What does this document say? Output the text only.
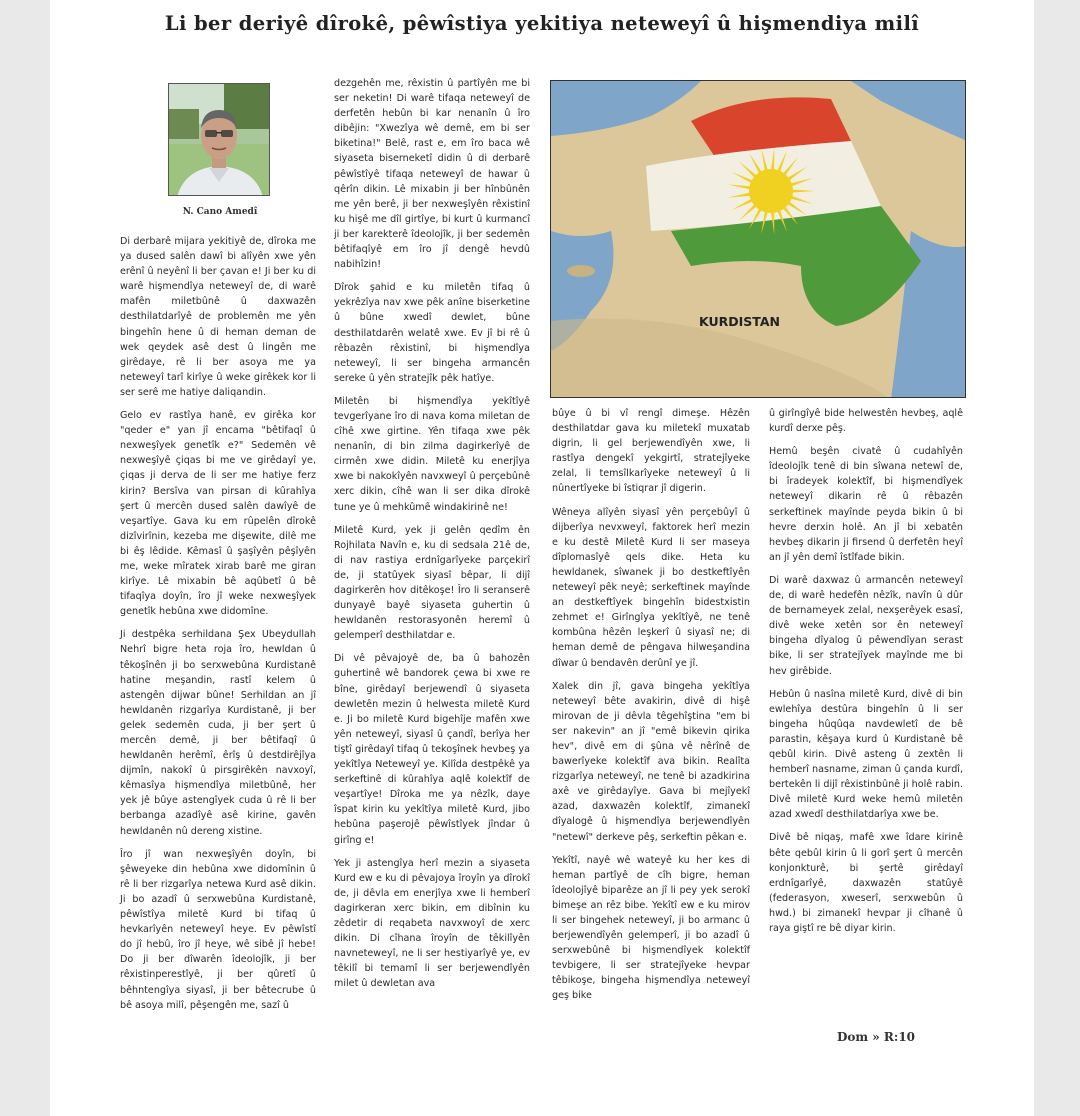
Li ber deriyê dîrokê, pêwîstiya yekitiya neteweyî û hişmendiya milî
N. Cano Amedî

Di derbarê mijara yekitiyê de, dîroka me ya dused salên dawî bi alîyên xwe yên erênî û neyênî li ber çavan e! Ji ber ku di warê hişmendîya neteweyî de, di warê mafên miletbûnê û daxwazên desthilatdarîyê de problemên me yên bingehîn hene û di heman deman de wek qeydek asê dest û lingên me girêdaye, rê li ber asoya me ya neteweyî tarî kirîye û weke girêkek kor li ser serê me hatiye daliqandin.

Gelo ev rastîya hanê, ev girêka kor "qeder e" yan jî encama "bêtifaqî û nexweşîyek genetîk e?" Sedemên vê nexweşîyê çiqas bi me ve girêdayî ye, çiqas ji derva de li ser me hatiye ferz kirin? Bersîva van pirsan di kûrahîya şert û mercên dused salên dawîyê de veşartîye. Gava ku em rûpelên dîrokê dizîvirînin, kezeba me dişewite, dilê me bi êş lêdide. Kêmasî û şaşîyên pêşîyên me, weke mîratek xirab barê me giran kirîye. Lê mixabin bê aqûbetî û bê tifaqîya doyîn, îro jî weke nexweşîyek genetîk hebûna xwe didomîne.

Ji destpêka serhildana Şex Ubeydullah Nehrî bigre heta roja îro, hewldan û têkoşînên ji bo serxwebûna Kurdistanê hatine meşandin, rastî kelem û astengên dijwar bûne! Serhildan an jî hewldanên rizgarîya Kurdistanê, ji ber gelek sedemên cuda, ji ber şert û mercên demê, ji ber bêtifaqî û hewldanên herêmî, êrîş û destdirêjîya dijmîn, nakokî û pirsgirêkên navxoyî, kêmasîya hişmendîya miletbûnê, her yek jê bûye astengîyek cuda û rê li ber berbanga azadîyê asê kirine, gavên hewldanên nû dereng xistine.

Îro jî wan nexweşîyên doyîn, bi şêweyeke din hebûna xwe didomînin û rê li ber rizgarîya netewa Kurd asê dikin. Ji bo azadî û serxwebûna Kurdistanê, pêwîstîya miletê Kurd bi tifaq û hevkarîyên neteweyî heye. Ev pêwîstî do jî hebû, îro jî heye, wê sibê jî hebe! Do ji ber dîwarên îdeolojîk, ji ber rêxistinperestîyê, ji ber qûretî û bêhntengîya siyasî, ji ber bêtecrube û bê asoya milî, pêşengên me, sazî û

dezgehên me, rêxistin û partîyên me bi ser neketin! Di warê tifaqa neteweyî de derfetên hebûn bi kar nenanîn û îro dibêjin: "Xwezîya wê demê, em bi ser biketina!" Belê, rast e, em îro baca wê siyaseta biserneketî didin û di derbarê pêwîstîyê tifaqa neteweyî de hawar û qêrîn dikin. Lê mixabin ji ber hînbûnên me yên berê, ji ber nexweşîyên rêxistinî ku hişê me dîl girtîye, bi kurt û kurmancî ji ber karekterê îdeolojîk, ji ber sedemên bêtifaqîyê em îro jî dengê hevdû nabihîzin!

Dîrok şahid e ku miletên tifaq û yekrêzîya nav xwe pêk anîne biserketine û bûne xwedî dewlet, bûne desthilatdarên welatê xwe. Ev jî bi rê û rêbazên rêxistinî, bi hişmendîya neteweyî, li ser bingeha armancên sereke û yên stratejîk pêk hatîye.

Miletên bi hişmendîya yekîtîyê tevgerîyane îro di nava koma miletan de cîhê xwe girtine. Yên tifaqa xwe pêk nenanîn, di bin zilma dagirkerîyê de cirmên xwe didin. Miletê ku enerjîya xwe bi nakokîyên navxweyî û perçebûnê xerc dikin, cîhê wan li ser dika dîrokê tune ye û mehkûmê windakirinê ne!

Miletê Kurd, yek ji gelên qedîm ên Rojhilata Navîn e, ku di sedsala 21ê de, di nav rastiya erdnîgarîyeke parçekirî de, ji statûyek siyasî bêpar, li dijî dagirkerên hov ditêkoşe! Îro li seranserê dunyayê bayê siyaseta guhertin û hewldanên restorasyonên heremî û gelemperî desthilatdar e.

Di vê pêvajoyê de, ba û bahozên guhertinê wê bandorek çewa bi xwe re bîne, girêdayî berjewendî û siyaseta dewletên mezin û helwesta miletê Kurd e. Ji bo miletê Kurd bigehîje mafên xwe yên neteweyî, siyasî û çandî, berîya her tiştî girêdayî tifaq û tekoşînek hevbeş ya yekîtîya Neteweyî ye. Kilîda destpêkê ya serkeftinê di kûrahîya aqlê kolektîf de veşartîye! Dîroka me ya nêzîk, daye îspat kirin ku yekîtîya miletê Kurd, jibo hebûna paşerojê pêwîstîyek jîndar û girîng e!

Yek ji astengîya herî mezin a siyaseta Kurd ew e ku di pêvajoya îroyîn ya dîrokî de, ji dêvla em enerjîya xwe li hemberî dagirkeran xerc bikin, em dibînin ku zêdetir di reqabeta navxwoyî de xerc dikin. Di cîhana îroyîn de têkilîyên navneteweyî, ne li ser hestiyarîyê ye, ev têkilî bi temamî li ser berjewendîyên milet û dewletan ava

KURDISTAN

bûye û bi vî rengî dimeşe. Hêzên desthilatdar gava ku miletekî muxatab digrin, li gel berjewendîyên xwe, li rastîya dengekî yekgirtî, stratejîyeke zelal, li temsîlkarîyeke neteweyî û li nûnertîyeke bi îstiqrar jî digerin.

Wêneya alîyên siyasî yên perçebûyî û dijberîya nevxweyî, faktorek herî mezin e ku destê Miletê Kurd li ser maseya dîplomasîyê qels dike. Heta ku hewldanek, sîwanek ji bo destkeftîyên neteweyî pêk neyê; serkeftinek mayînde an destkeftîyek bingehîn bidestxistin zehmet e! Girîngîya yekîtîyê, ne tenê kombûna hêzên leşkerî û siyasî ne; di heman demê de pêngava hilweşandina dîwar û bendavên derûnî ye jî.

Xalek din jî, gava bingeha yekîtîya neteweyî bête avakirin, divê di hişê mirovan de ji dêvla têgehîştina "em bi ser nakevin" an jî "emê bikevin qirika hev", divê em di şûna vê nêrînê de bawerîyeke kolektîf ava bikin. Realîta rizgarîya neteweyî, ne tenê bi azadkirina axê ve girêdayîye. Gava bi mejîyekî azad, daxwazên kolektîf, zimanekî dîyalogê û hişmendîya berjewendîyên "netewî" derkeve pêş, serkeftin pêkan e.

Yekîtî, nayê wê wateyê ku her kes di heman partîyê de cîh bigre, heman îdeolojîyê biparêze an jî li pey yek serokî bimeşe an rêz bibe. Yekîtî ew e ku mirov li ser bingehek neteweyî, ji bo armanc û berjewendîyên gelemperî, ji bo azadî û serxwebûnê bi hişmendîyek kolektîf tevbigere, li ser stratejîyeke hevpar têbikoşe, bingeha hişmendîya neteweyî geş bike

û girîngîyê bide helwestên hevbeş, aqlê kurdî derxe pêş.

Hemû beşên civatê û cudahîyên îdeolojîk tenê di bin sîwana netewî de, bi îradeyek kolektîf, bi hişmendîyek neteweyî dikarin rê û rêbazên serkeftinek mayînde peyda bikin û bi hevre derxin holê. An jî bi xebatên hevbeş dikarin ji firsend û derfetên heyî an jî yên demî îstîfade bikin.

Di warê daxwaz û armancên neteweyî de, di warê hedefên nêzîk, navîn û dûr de bernameyek zelal, nexşerêyek esasî, divê weke xetên sor ên neteweyî bingeha dîyalog û pêwendîyan serast bike, li ser stratejîyek mayînde me bi hev girêbide.

Hebûn û nasîna miletê Kurd, divê di bin ewlehîya destûra bingehîn û li ser bingeha hûqûqa navdewletî de bê parastin, kêşaya kurd û Kurdistanê bê qebûl kirin. Divê asteng û zextên li hemberî nasname, ziman û çanda kurdî, bertekên li dijî rêxistinbûnê ji holê rabin. Divê miletê Kurd weke hemû miletên azad xwedî desthilatdarîya xwe be.

Divê bê niqaş, mafê xwe îdare kirinê bête qebûl kirin û li gorî şert û mercên konjonkturê, bi şertê girêdayî erdnîgarîyê, daxwazên statûyê (federasyon, xweserî, serxwebûn û hwd.) bi zimanekî hevpar ji cîhanê û raya giştî re bê diyar kirin.

Dom » R:10
